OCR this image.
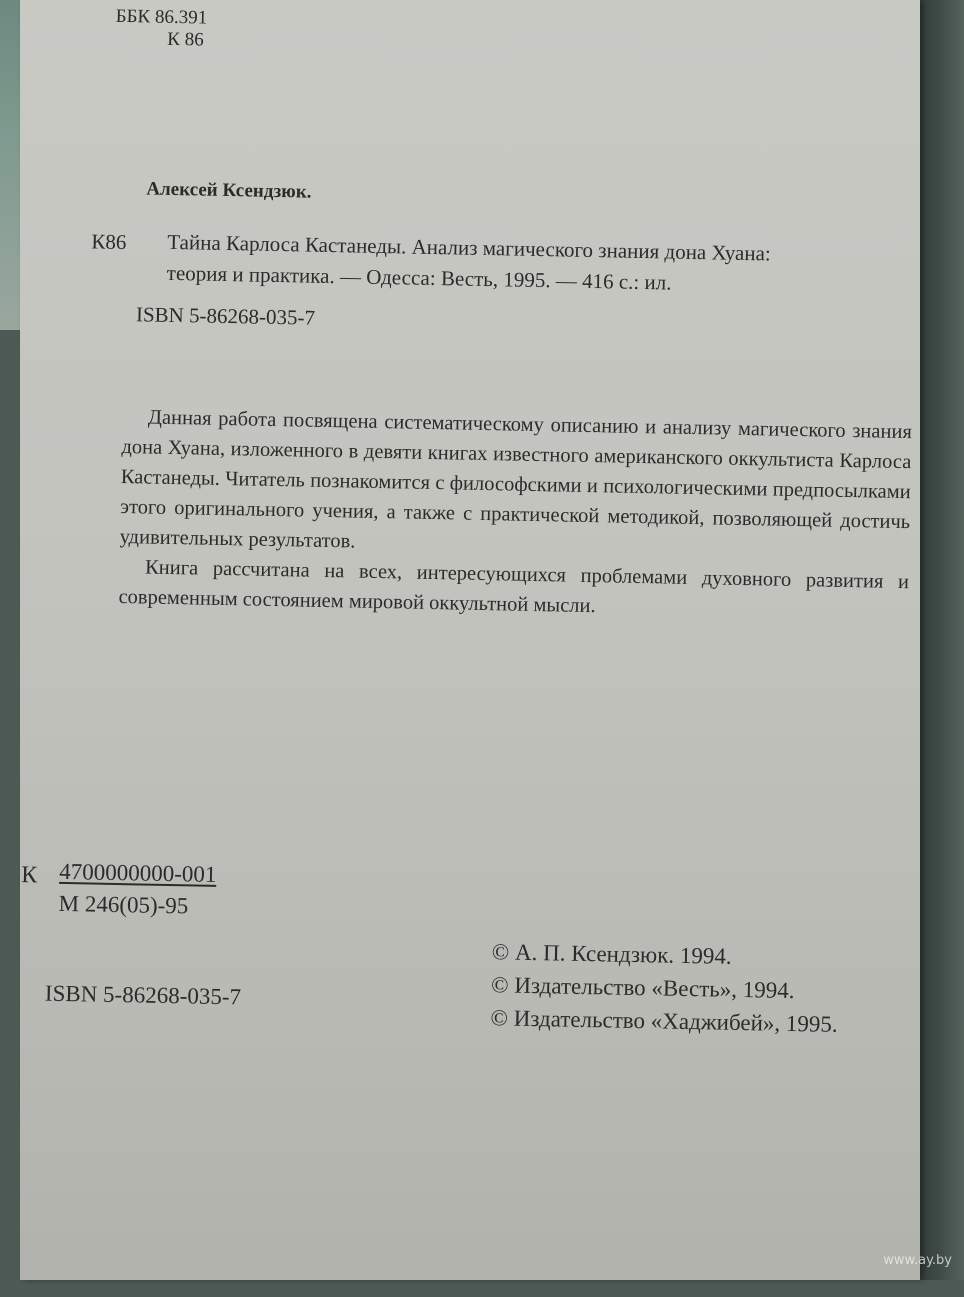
ББК 86.391
К 86
Алексей Ксендзюк.
К86 Тайна Карлоса Кастанеды. Анализ магического знания дона Хуана:
теория и практика. — Одесса: Весть, 1995. — 416 с.: ил.
ISBN 5-86268-035-7

Данная работа посвящена систематическому описанию и анализу магического знания дона Хуана, изложенного в девяти книгах известного американского оккультиста Карлоса Кастанеды. Читатель познакомится с философскими и психологическими предпосылками этого оригинального учения, а также с практической методикой, позволяющей достичь удивительных результатов.

Книга рассчитана на всех, интересующихся проблемами духовного развития и современным состоянием мировой оккультной мысли.

К 4700000000-001
М 246(05)-95
ISBN 5-86268-035-7
© А. П. Ксендзюк. 1994.
© Издательство «Весть», 1994.
© Издательство «Хаджибей», 1995.
www.ay.by
